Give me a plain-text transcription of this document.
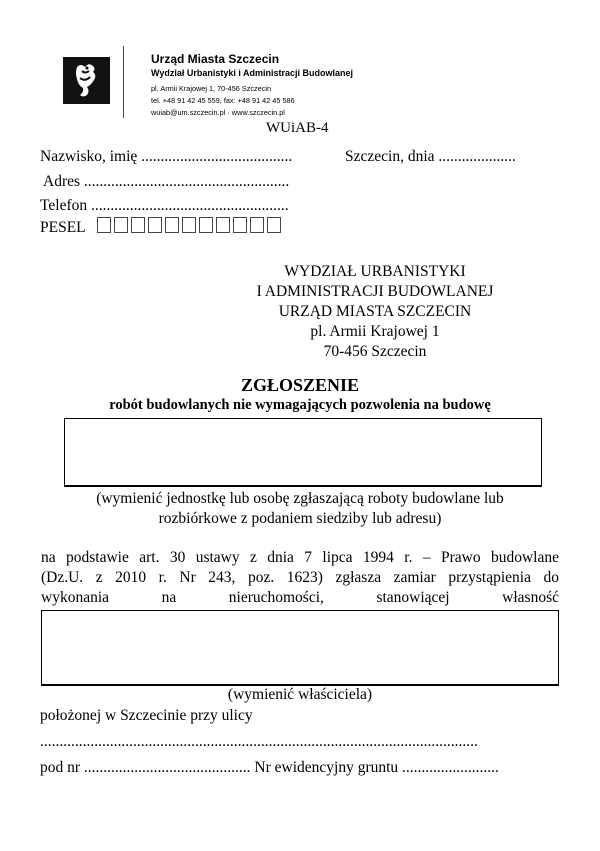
Urząd Miasta Szczecin
Wydział Urbanistyki i Administracji Budowlanej
pl. Armii Krajowej 1, 70-456 Szczecin
tel. +48 91 42 45 559, fax: +48 91 42 45 586
wuiab@um.szczecin.pl · www.szczecin.pl
WUiAB-4
Nazwisko, imię .......................................	Szczecin, dnia ....................
Adres .....................................................
Telefon ...................................................
PESEL
WYDZIAŁ URBANISTYKI
I ADMINISTRACJI BUDOWLANEJ
URZĄD MIASTA SZCZECIN
pl. Armii Krajowej 1
70-456 Szczecin
ZGŁOSZENIE
robót budowlanych nie wymagających pozwolenia na budowę
(wymienić jednostkę lub osobę zgłaszającą roboty budowlane lub
rozbiórkowe z podaniem siedziby lub adresu)
na podstawie art. 30 ustawy z dnia 7 lipca 1994 r. – Prawo budowlane
(Dz.U. z 2010 r. Nr 243, poz. 1623) zgłasza zamiar przystąpienia do
wykonania na nieruchomości, stanowiącej własność
(wymienić właściciela)
położonej w Szczecinie przy ulicy
.................................................................................................................
pod nr ........................................... Nr ewidencyjny gruntu .........................
